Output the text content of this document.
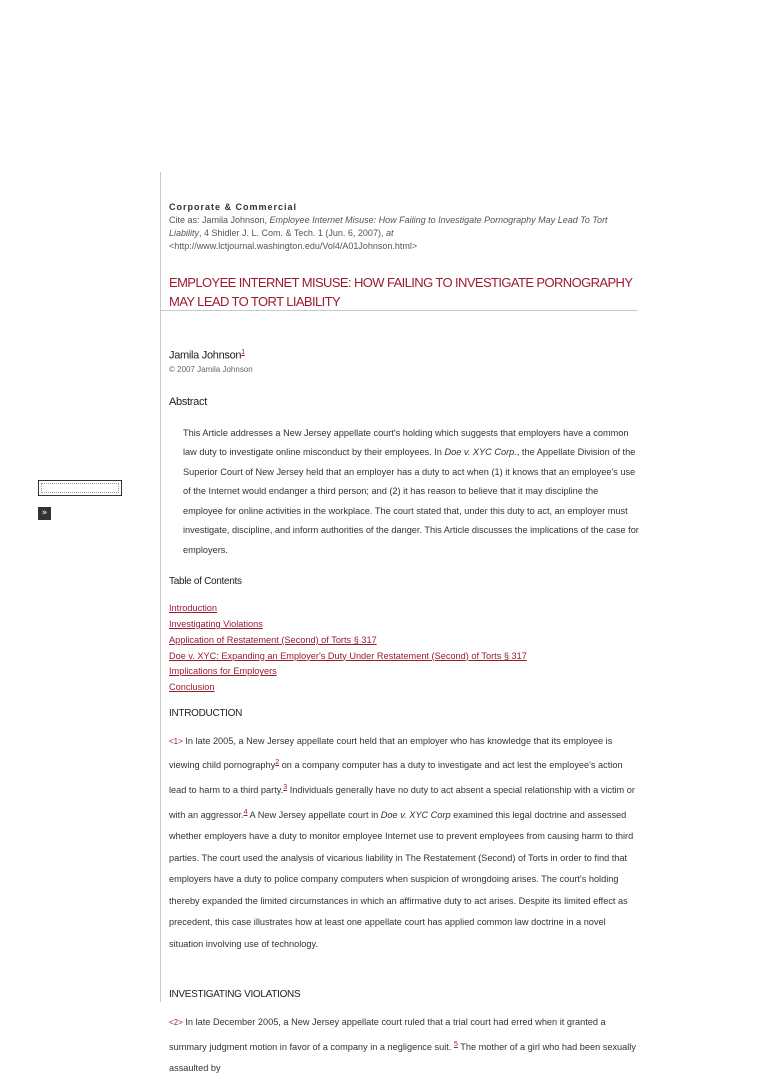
»
Corporate & Commercial
Cite as: Jamila Johnson, Employee Internet Misuse: How Failing to Investigate Pornography May Lead To Tort Liability, 4 Shidler J. L. Com. & Tech. 1 (Jun. 6, 2007), at <http://www.lctjournal.washington.edu/Vol4/A01Johnson.html>
EMPLOYEE INTERNET MISUSE: HOW FAILING TO INVESTIGATE PORNOGRAPHY MAY LEAD TO TORT LIABILITY
Jamila Johnson$^1$
© 2007 Jamila Johnson
Abstract
This Article addresses a New Jersey appellate court's holding which suggests that employers have a common law duty to investigate online misconduct by their employees. In Doe v. XYC Corp., the Appellate Division of the Superior Court of New Jersey held that an employer has a duty to act when (1) it knows that an employee's use of the Internet would endanger a third person; and (2) it has reason to believe that it may discipline the employee for online activities in the workplace. The court stated that, under this duty to act, an employer must investigate, discipline, and inform authorities of the danger. This Article discusses the implications of the case for employers.
Table of Contents
Introduction
Investigating Violations
Application of Restatement (Second) of Torts § 317
Doe v. XYC: Expanding an Employer's Duty Under Restatement (Second) of Torts § 317
Implications for Employers
Conclusion
INTRODUCTION
<1> In late 2005, a New Jersey appellate court held that an employer who has knowledge that its employee is viewing child pornography$^2$ on a company computer has a duty to investigate and act lest the employee's action lead to harm to a third party.$^3$ Individuals generally have no duty to act absent a special relationship with a victim or with an aggressor.$^4$ A New Jersey appellate court in Doe v. XYC Corp examined this legal doctrine and assessed whether employers have a duty to monitor employee Internet use to prevent employees from causing harm to third parties. The court used the analysis of vicarious liability in The Restatement (Second) of Torts in order to find that employers have a duty to police company computers when suspicion of wrongdoing arises. The court's holding thereby expanded the limited circumstances in which an affirmative duty to act arises. Despite its limited effect as precedent, this case illustrates how at least one appellate court has applied common law doctrine in a novel situation involving use of technology.
INVESTIGATING VIOLATIONS
<2> In late December 2005, a New Jersey appellate court ruled that a trial court had erred when it granted a summary judgment motion in favor of a company in a negligence suit. $^5$ The mother of a girl who had been sexually assaulted by
